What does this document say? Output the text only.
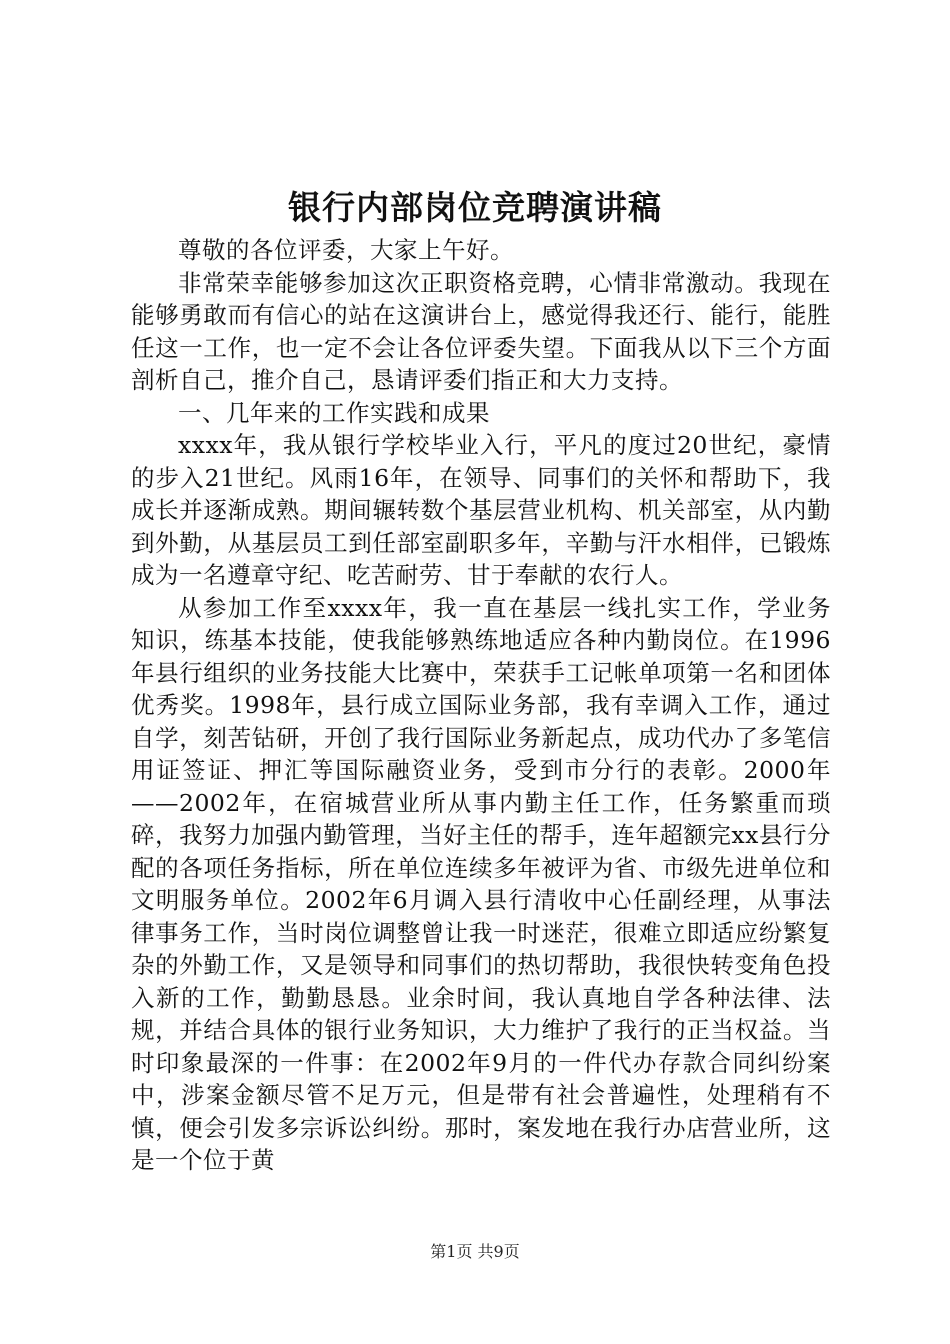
银行内部岗位竞聘演讲稿

尊敬的各位评委，大家上午好。

非常荣幸能够参加这次正职资格竞聘，心情非常激动。我现在能够勇敢而有信心的站在这演讲台上，感觉得我还行、能行，能胜任这一工作，也一定不会让各位评委失望。下面我从以下三个方面剖析自己，推介自己，恳请评委们指正和大力支持。

一、几年来的工作实践和成果

xxxx年，我从银行学校毕业入行，平凡的度过20世纪，豪情的步入21世纪。风雨16年，在领导、同事们的关怀和帮助下，我成长并逐渐成熟。期间辗转数个基层营业机构、机关部室，从内勤到外勤，从基层员工到任部室副职多年，辛勤与汗水相伴，已锻炼成为一名遵章守纪、吃苦耐劳、甘于奉献的农行人。

从参加工作至xxxx年，我一直在基层一线扎实工作，学业务知识，练基本技能，使我能够熟练地适应各种内勤岗位。在1996年县行组织的业务技能大比赛中，荣获手工记帐单项第一名和团体优秀奖。1998年，县行成立国际业务部，我有幸调入工作，通过自学，刻苦钻研，开创了我行国际业务新起点，成功代办了多笔信用证签证、押汇等国际融资业务，受到市分行的表彰。2000年——2002年，在宿城营业所从事内勤主任工作，任务繁重而琐碎，我努力加强内勤管理，当好主任的帮手，连年超额完xx县行分配的各项任务指标，所在单位连续多年被评为省、市级先进单位和文明服务单位。2002年6月调入县行清收中心任副经理，从事法律事务工作，当时岗位调整曾让我一时迷茫，很难立即适应纷繁复杂的外勤工作，又是领导和同事们的热切帮助，我很快转变角色投入新的工作，勤勤恳恳。业余时间，我认真地自学各种法律、法规，并结合具体的银行业务知识，大力维护了我行的正当权益。当时印象最深的一件事：在2002年9月的一件代办存款合同纠纷案中，涉案金额尽管不足万元，但是带有社会普遍性，处理稍有不慎，便会引发多宗诉讼纠纷。那时，案发地在我行办店营业所，这是一个位于黄

第1页 共9页
